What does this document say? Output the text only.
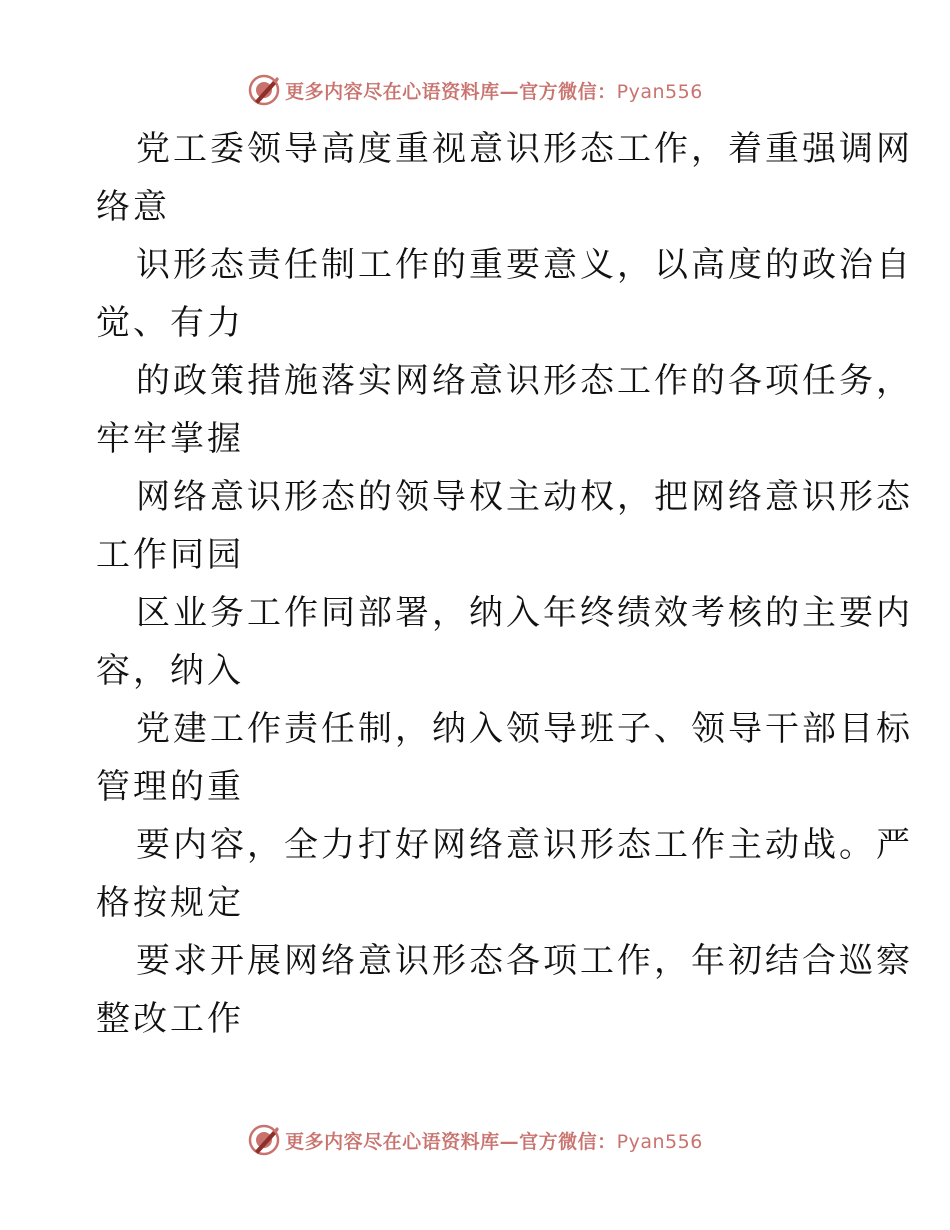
更多内容尽在心语资料库—官方微信：Pyan556

党工委领导高度重视意识形态工作，着重强调网
络意

识形态责任制工作的重要意义，以高度的政治自
觉、有力

的政策措施落实网络意识形态工作的各项任务，
牢牢掌握

网络意识形态的领导权主动权，把网络意识形态
工作同园

区业务工作同部署，纳入年终绩效考核的主要内
容，纳入

党建工作责任制，纳入领导班子、领导干部目标
管理的重

要内容，全力打好网络意识形态工作主动战。严
格按规定

要求开展网络意识形态各项工作，年初结合巡察
整改工作

更多内容尽在心语资料库—官方微信：Pyan556
